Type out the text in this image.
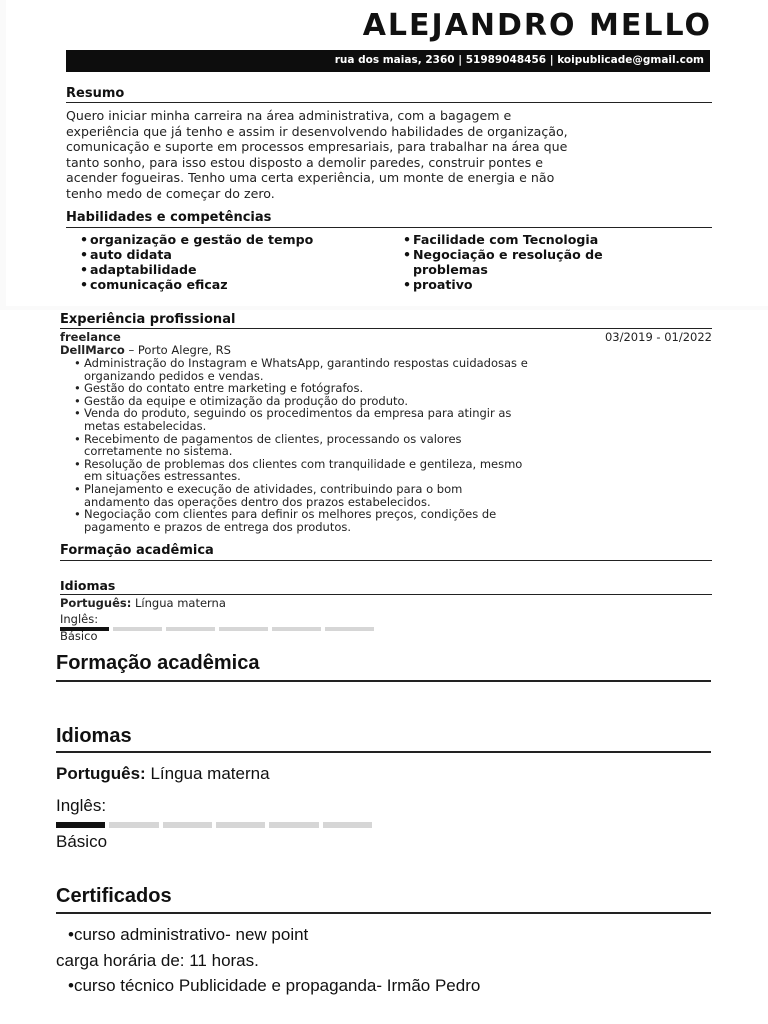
ALEJANDRO MELLO
rua dos maias, 2360 | 51989048456 | koipublicade@gmail.com
Resumo
Quero iniciar minha carreira na área administrativa, com a bagagem e
experiência que já tenho e assim ir desenvolvendo habilidades de organização,
comunicação e suporte em processos empresariais, para trabalhar na área que
tanto sonho, para isso estou disposto a demolir paredes, construir pontes e
acender fogueiras. Tenho uma certa experiência, um monte de energia e não
tenho medo de começar do zero.
Habilidades e competências
• organização e gestão de tempo
• auto didata
• adaptabilidade
• comunicação eficaz
• Facilidade com Tecnologia
• Negociação e resolução de
problemas
• proativo
Experiência profissional
freelance	03/2019 - 01/2022
DellMarco – Porto Alegre, RS
• Administração do Instagram e WhatsApp, garantindo respostas cuidadosas e
organizando pedidos e vendas.
• Gestão do contato entre marketing e fotógrafos.
• Gestão da equipe e otimização da produção do produto.
• Venda do produto, seguindo os procedimentos da empresa para atingir as
metas estabelecidas.
• Recebimento de pagamentos de clientes, processando os valores
corretamente no sistema.
• Resolução de problemas dos clientes com tranquilidade e gentileza, mesmo
em situações estressantes.
• Planejamento e execução de atividades, contribuindo para o bom
andamento das operações dentro dos prazos estabelecidos.
• Negociação com clientes para definir os melhores preços, condições de
pagamento e prazos de entrega dos produtos.
Formação acadêmica
Idiomas
Português: Língua materna
Inglês:
Básico
Formação acadêmica
Idiomas
Português: Língua materna
Inglês:
Básico
Certificados
•curso administrativo- new point
carga horária de: 11 horas.
•curso técnico Publicidade e propaganda- Irmão Pedro
